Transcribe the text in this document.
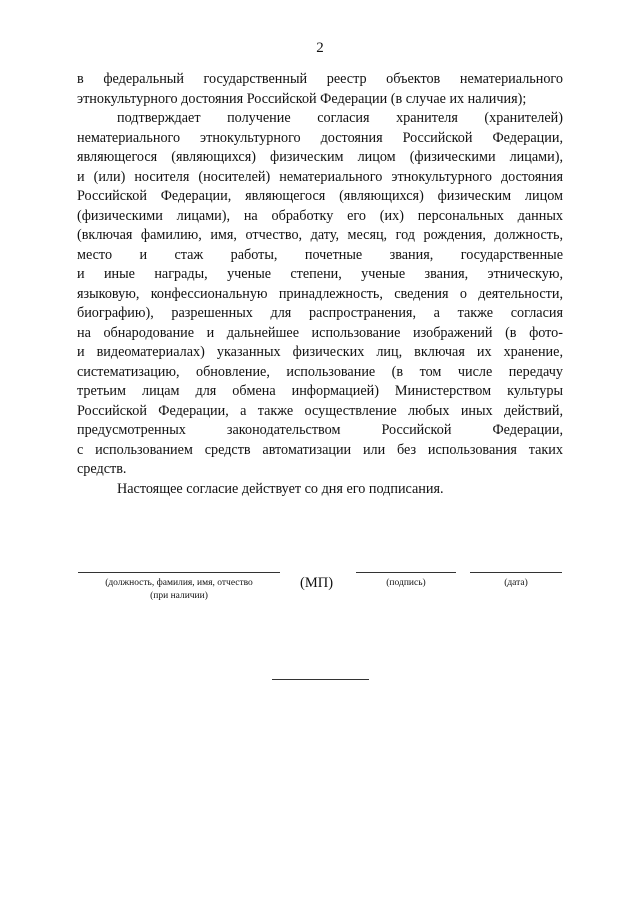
2
в федеральный государственный реестр объектов нематериального
этнокультурного достояния Российской Федерации (в случае их наличия);
подтверждает получение согласия хранителя (хранителей)
нематериального этнокультурного достояния Российской Федерации,
являющегося (являющихся) физическим лицом (физическими лицами),
и (или) носителя (носителей) нематериального этнокультурного достояния
Российской Федерации, являющегося (являющихся) физическим лицом
(физическими лицами), на обработку его (их) персональных данных
(включая фамилию, имя, отчество, дату, месяц, год рождения, должность,
место и стаж работы, почетные звания, государственные
и иные награды, ученые степени, ученые звания, этническую,
языковую, конфессиональную принадлежность, сведения о деятельности,
биографию), разрешенных для распространения, а также согласия
на обнародование и дальнейшее использование изображений (в фото-
и видеоматериалах) указанных физических лиц, включая их хранение,
систематизацию, обновление, использование (в том числе передачу
третьим лицам для обмена информацией) Министерством культуры
Российской Федерации, а также осуществление любых иных действий,
предусмотренных законодательством Российской Федерации,
с использованием средств автоматизации или без использования таких
средств.
Настоящее согласие действует со дня его подписания.
(должность, фамилия, имя, отчество
(при наличии)
(МП)	(подпись)	(дата)
